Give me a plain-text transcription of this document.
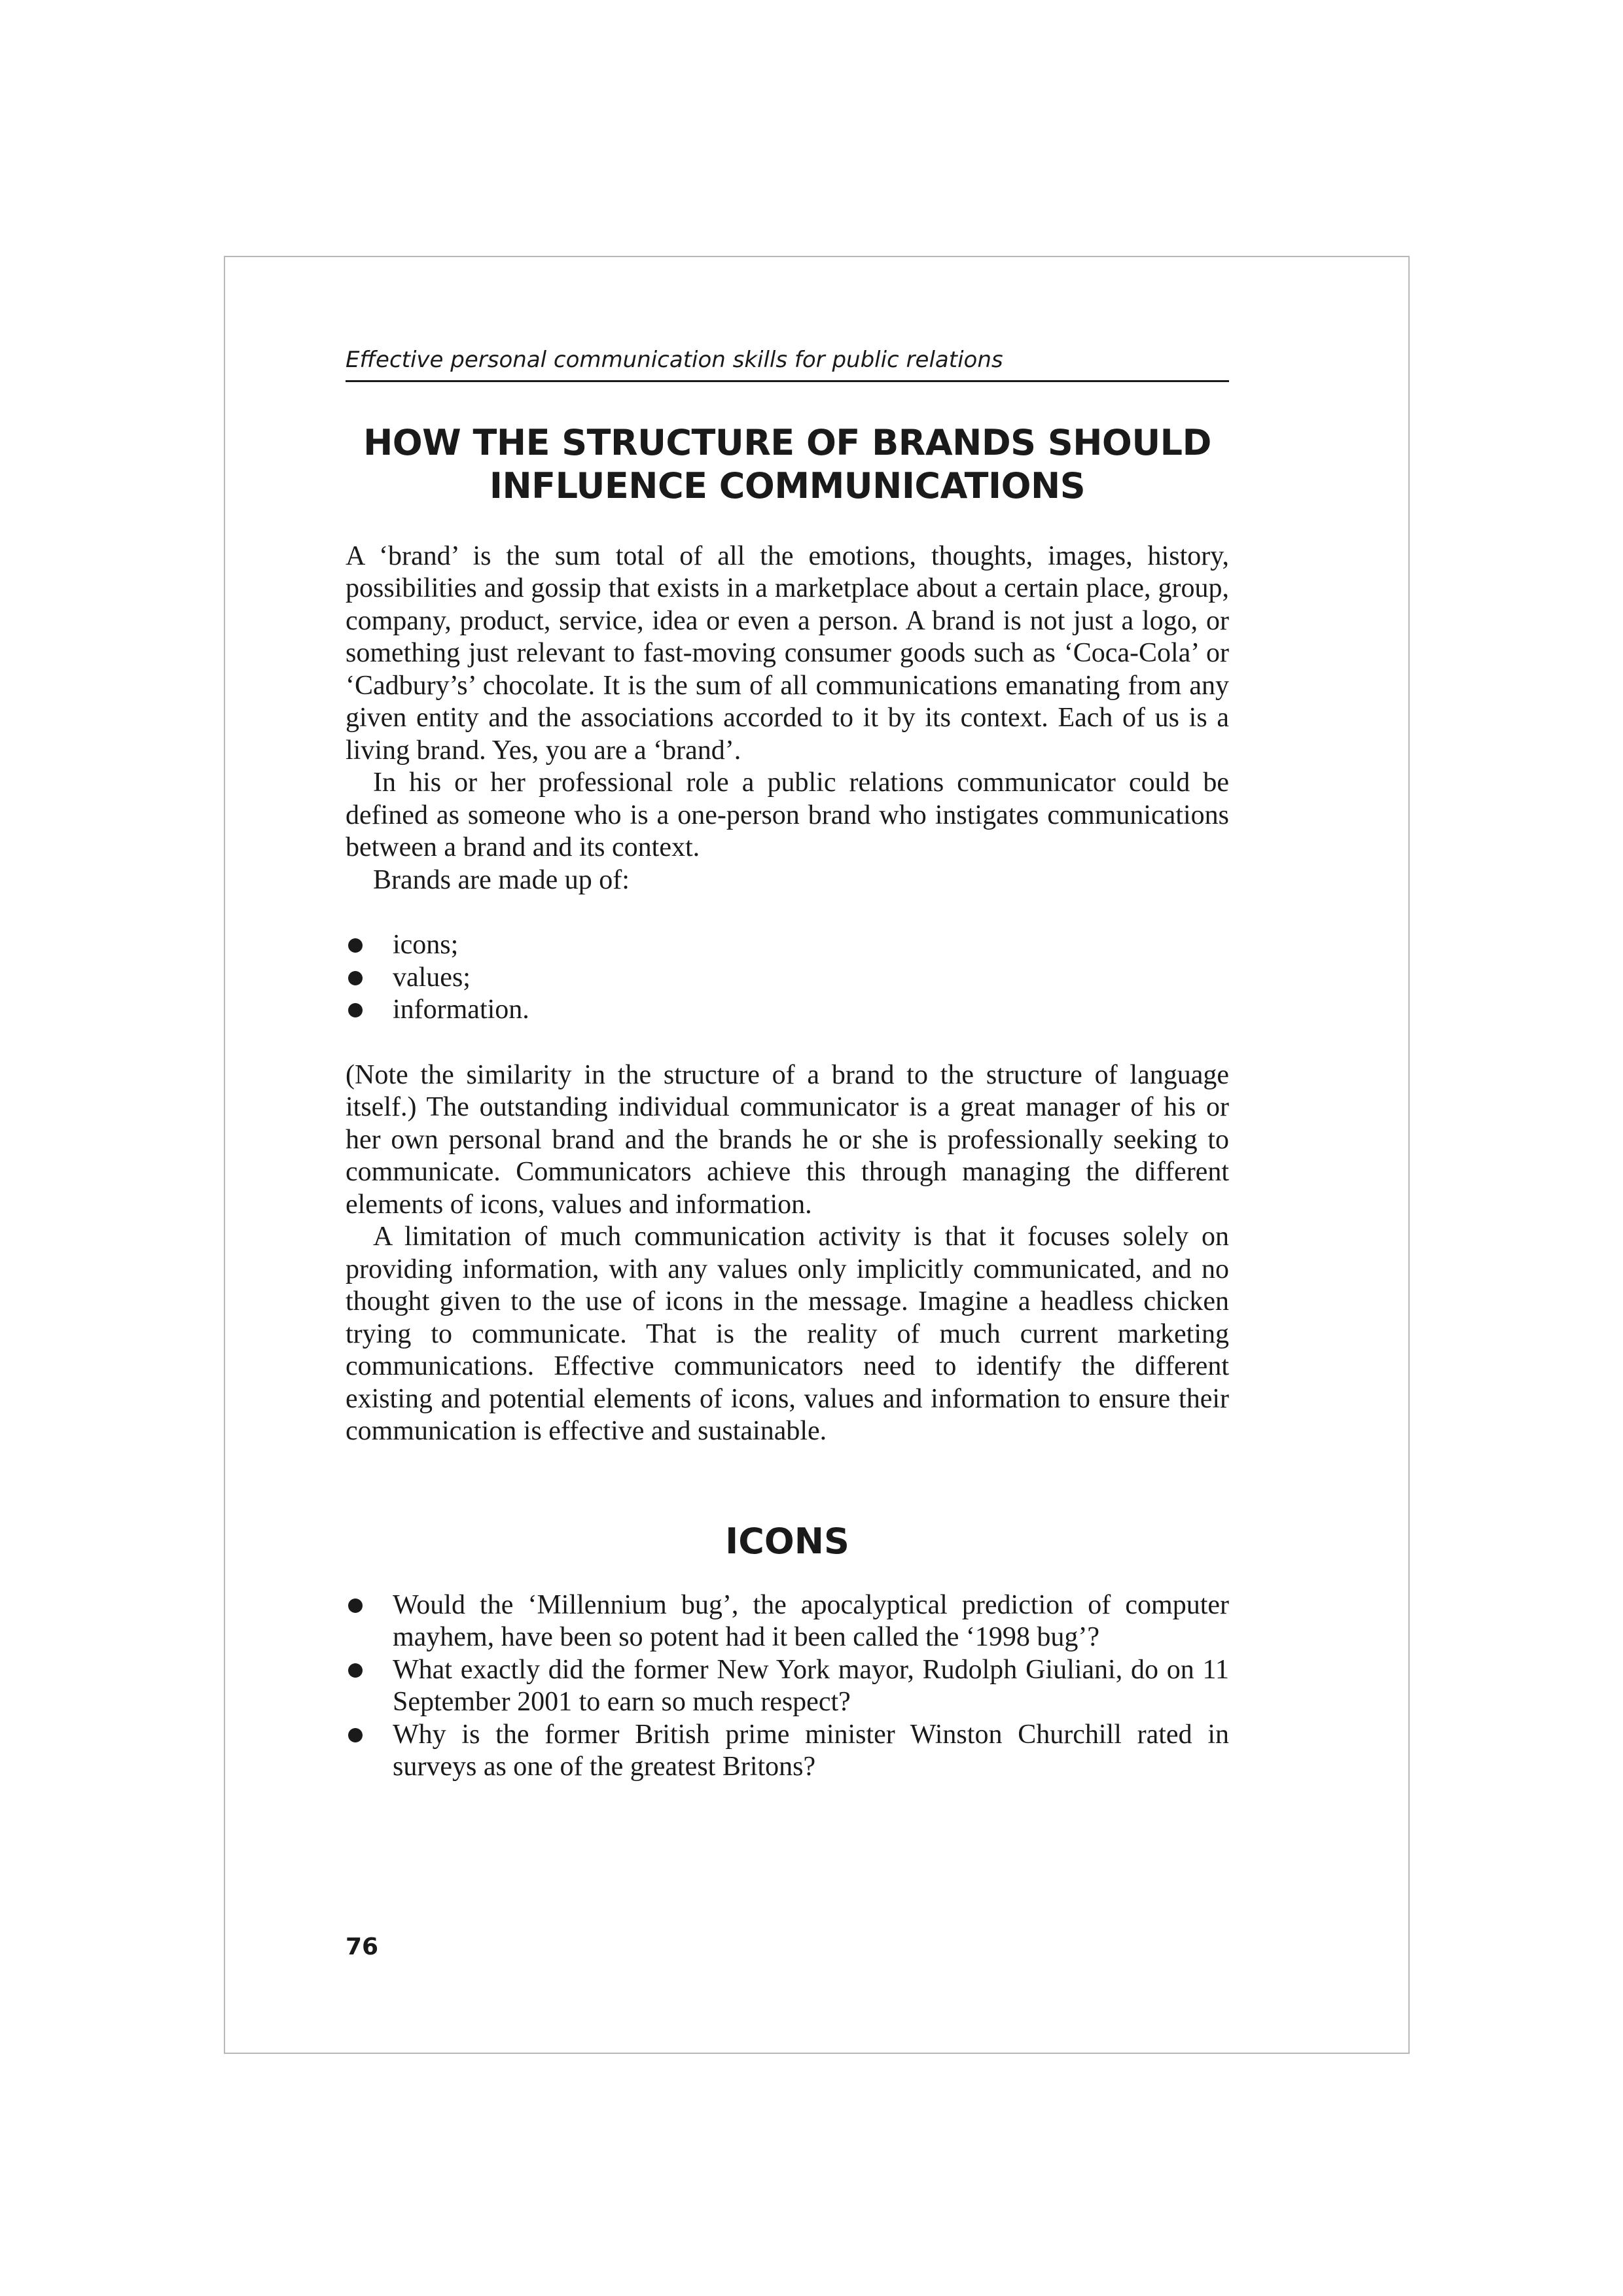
Effective personal communication skills for public relations

HOW THE STRUCTURE OF BRANDS SHOULD
INFLUENCE COMMUNICATIONS

A ‘brand’ is the sum total of all the emotions, thoughts, images, history, possibilities and gossip that exists in a marketplace about a certain place, group, company, product, service, idea or even a person. A brand is not just a logo, or something just relevant to fast-moving consumer goods such as ‘Coca-Cola’ or ‘Cadbury’s’ chocolate. It is the sum of all communications emanating from any given entity and the associations accorded to it by its context. Each of us is a living brand. Yes, you are a ‘brand’.

In his or her professional role a public relations communicator could be defined as someone who is a one-person brand who instigates communications between a brand and its context.

Brands are made up of:

icons;
values;
information.

(Note the similarity in the structure of a brand to the structure of language itself.) The outstanding individual communicator is a great manager of his or her own personal brand and the brands he or she is professionally seeking to communicate. Communicators achieve this through managing the different elements of icons, values and information.

A limitation of much communication activity is that it focuses solely on providing information, with any values only implicitly communicated, and no thought given to the use of icons in the message. Imagine a headless chicken trying to communicate. That is the reality of much current marketing communications. Effective communicators need to identify the different existing and potential elements of icons, values and information to ensure their communication is effective and sustainable.

ICONS
Would the ‘Millennium bug’, the apocalyptical prediction of computer mayhem, have been so potent had it been called the ‘1998 bug’?
What exactly did the former New York mayor, Rudolph Giuliani, do on 11 September 2001 to earn so much respect?
Why is the former British prime minister Winston Churchill rated in surveys as one of the greatest Britons?
76
